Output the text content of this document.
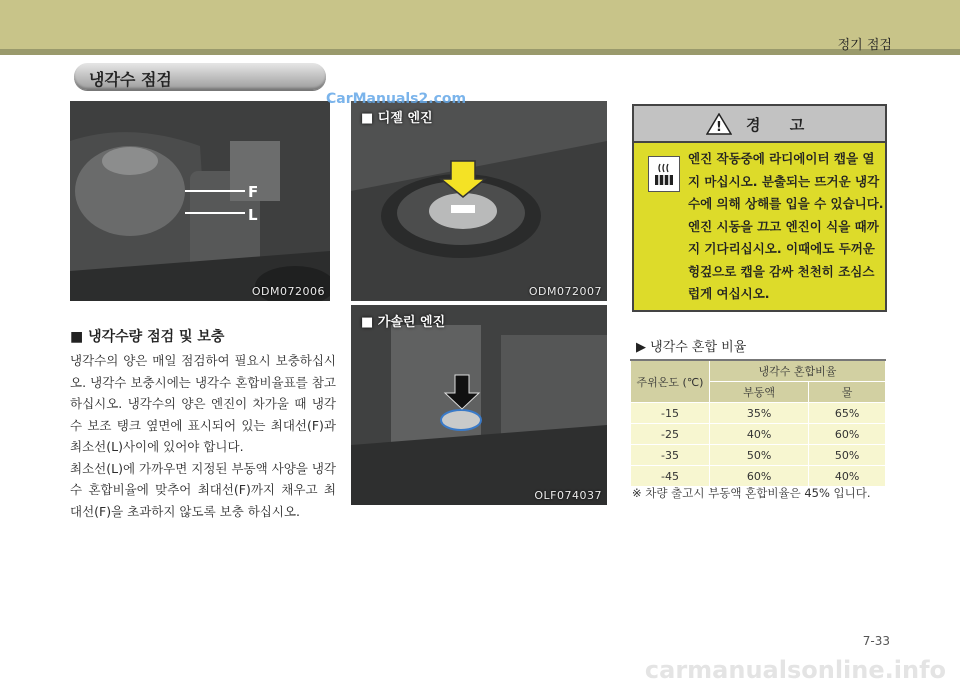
정기 점검
냉각수 점검
F
L
ODM072006
■ 디젤 엔진
ODM072007
■ 가솔린 엔진
OLF074037
CarManuals2.com
■ 냉각수량 점검 및 보충

냉각수의 양은 매일 점검하여 필요시 보충하십시오. 냉각수 보충시에는 냉각수 혼합비율표를 참고하십시오. 냉각수의 양은 엔진이 차가울 때 냉각수 보조 탱크 옆면에 표시되어 있는 최대선(F)과 최소선(L)사이에 있어야 합니다.

최소선(L)에 가까우면 지정된 부동액 사양을 냉각수 혼합비율에 맞추어 최대선(F)까지 채우고 최대선(F)을 초과하지 않도록 보충 하십시오.

! 경 고
엔진 작동중에 라디에이터 캡을 열지 마십시오. 분출되는 뜨거운 냉각수에 의해 상해를 입을 수 있습니다. 엔진 시동을 끄고 엔진이 식을 때까지 기다리십시오. 이때에도 두꺼운 헝겊으로 캡을 감싸 천천히 조심스럽게 여십시오.
▶ 냉각수 혼합 비율
주위온도 (℃)	냉각수 혼합비율	
	부동액	물
-15	35%	65%
-25	40%	60%
-35	50%	50%
-45	60%	40%
※ 차량 출고시 부동액 혼합비율은 45% 입니다.
7-33
carmanualsonline.info
